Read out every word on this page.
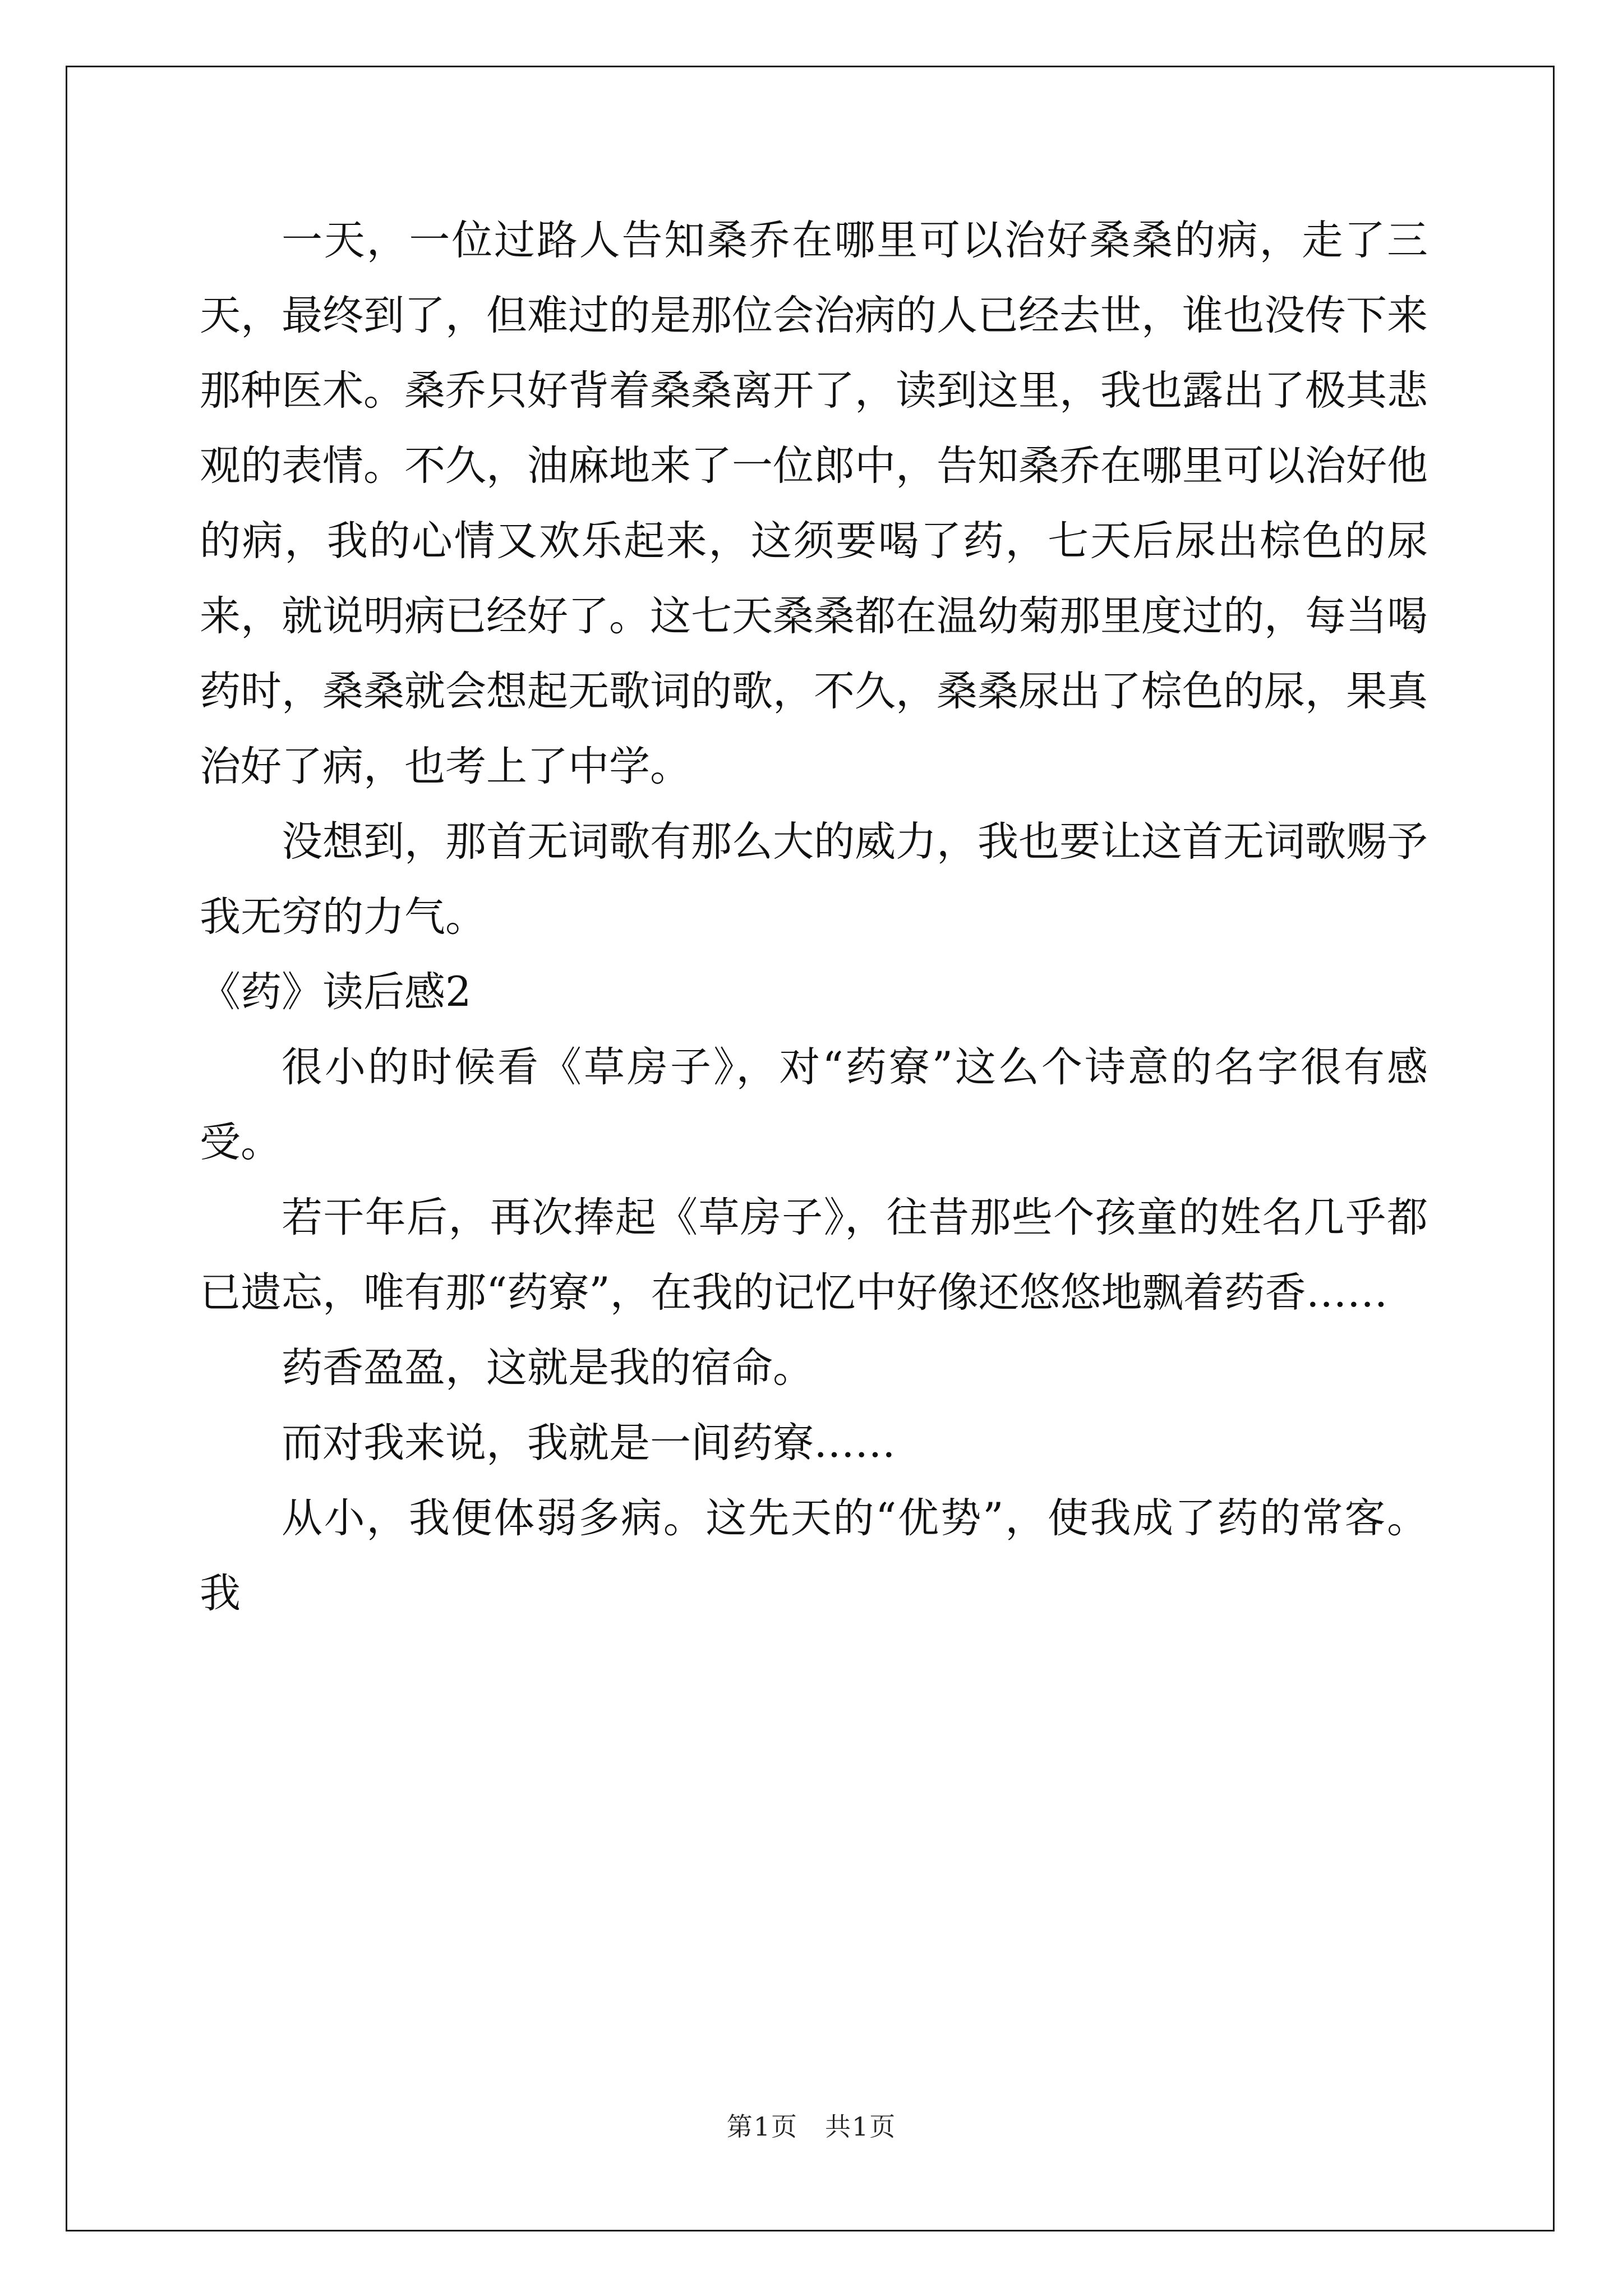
一天，一位过路人告知桑乔在哪里可以治好桑桑的病，走了三天，最终到了，但难过的是那位会治病的人已经去世，谁也没传下来那种医术。桑乔只好背着桑桑离开了，读到这里，我也露出了极其悲观的表情。不久，油麻地来了一位郎中，告知桑乔在哪里可以治好他的病，我的心情又欢乐起来，这须要喝了药，七天后尿出棕色的尿来，就说明病已经好了。这七天桑桑都在温幼菊那里度过的，每当喝药时，桑桑就会想起无歌词的歌，不久，桑桑尿出了棕色的尿，果真治好了病，也考上了中学。

没想到，那首无词歌有那么大的威力，我也要让这首无词歌赐予我无穷的力气。

《药》读后感2

很小的时候看《草房子》，对“药寮”这么个诗意的名字很有感受。

若干年后，再次捧起《草房子》，往昔那些个孩童的姓名几乎都已遗忘，唯有那“药寮”，在我的记忆中好像还悠悠地飘着药香……

药香盈盈，这就是我的宿命。

而对我来说，我就是一间药寮……

从小，我便体弱多病。这先天的“优势”，使我成了药的常客。我

第1页　共1页
